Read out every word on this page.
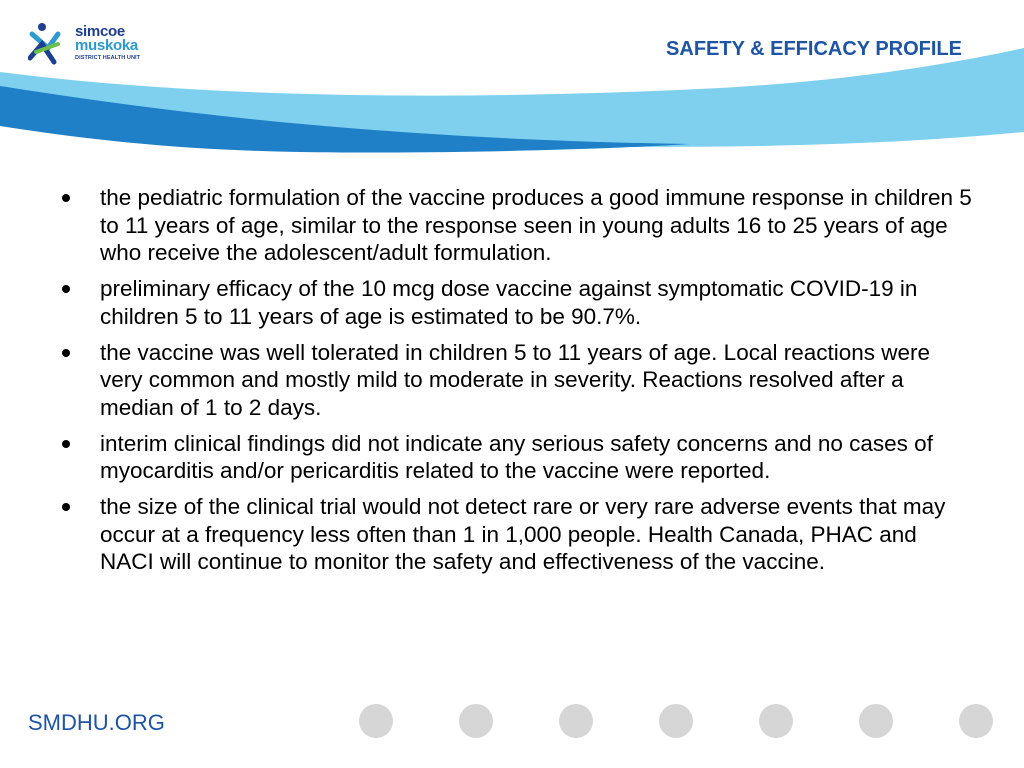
simcoe
muskoka
DISTRICT HEALTH UNIT	SAFETY & EFFICACY PROFILE
the pediatric formulation of the vaccine produces a good immune response in children 5 to 11 years of age, similar to the response seen in young adults 16 to 25 years of age who receive the adolescent/adult formulation.
preliminary efficacy of the 10 mcg dose vaccine against symptomatic COVID-19 in children 5 to 11 years of age is estimated to be 90.7%.
the vaccine was well tolerated in children 5 to 11 years of age. Local reactions were very common and mostly mild to moderate in severity. Reactions resolved after a median of 1 to 2 days.
interim clinical findings did not indicate any serious safety concerns and no cases of myocarditis and/or pericarditis related to the vaccine were reported.
the size of the clinical trial would not detect rare or very rare adverse events that may occur at a frequency less often than 1 in 1,000 people. Health Canada, PHAC and NACI will continue to monitor the safety and effectiveness of the vaccine.
SMDHU.ORG
